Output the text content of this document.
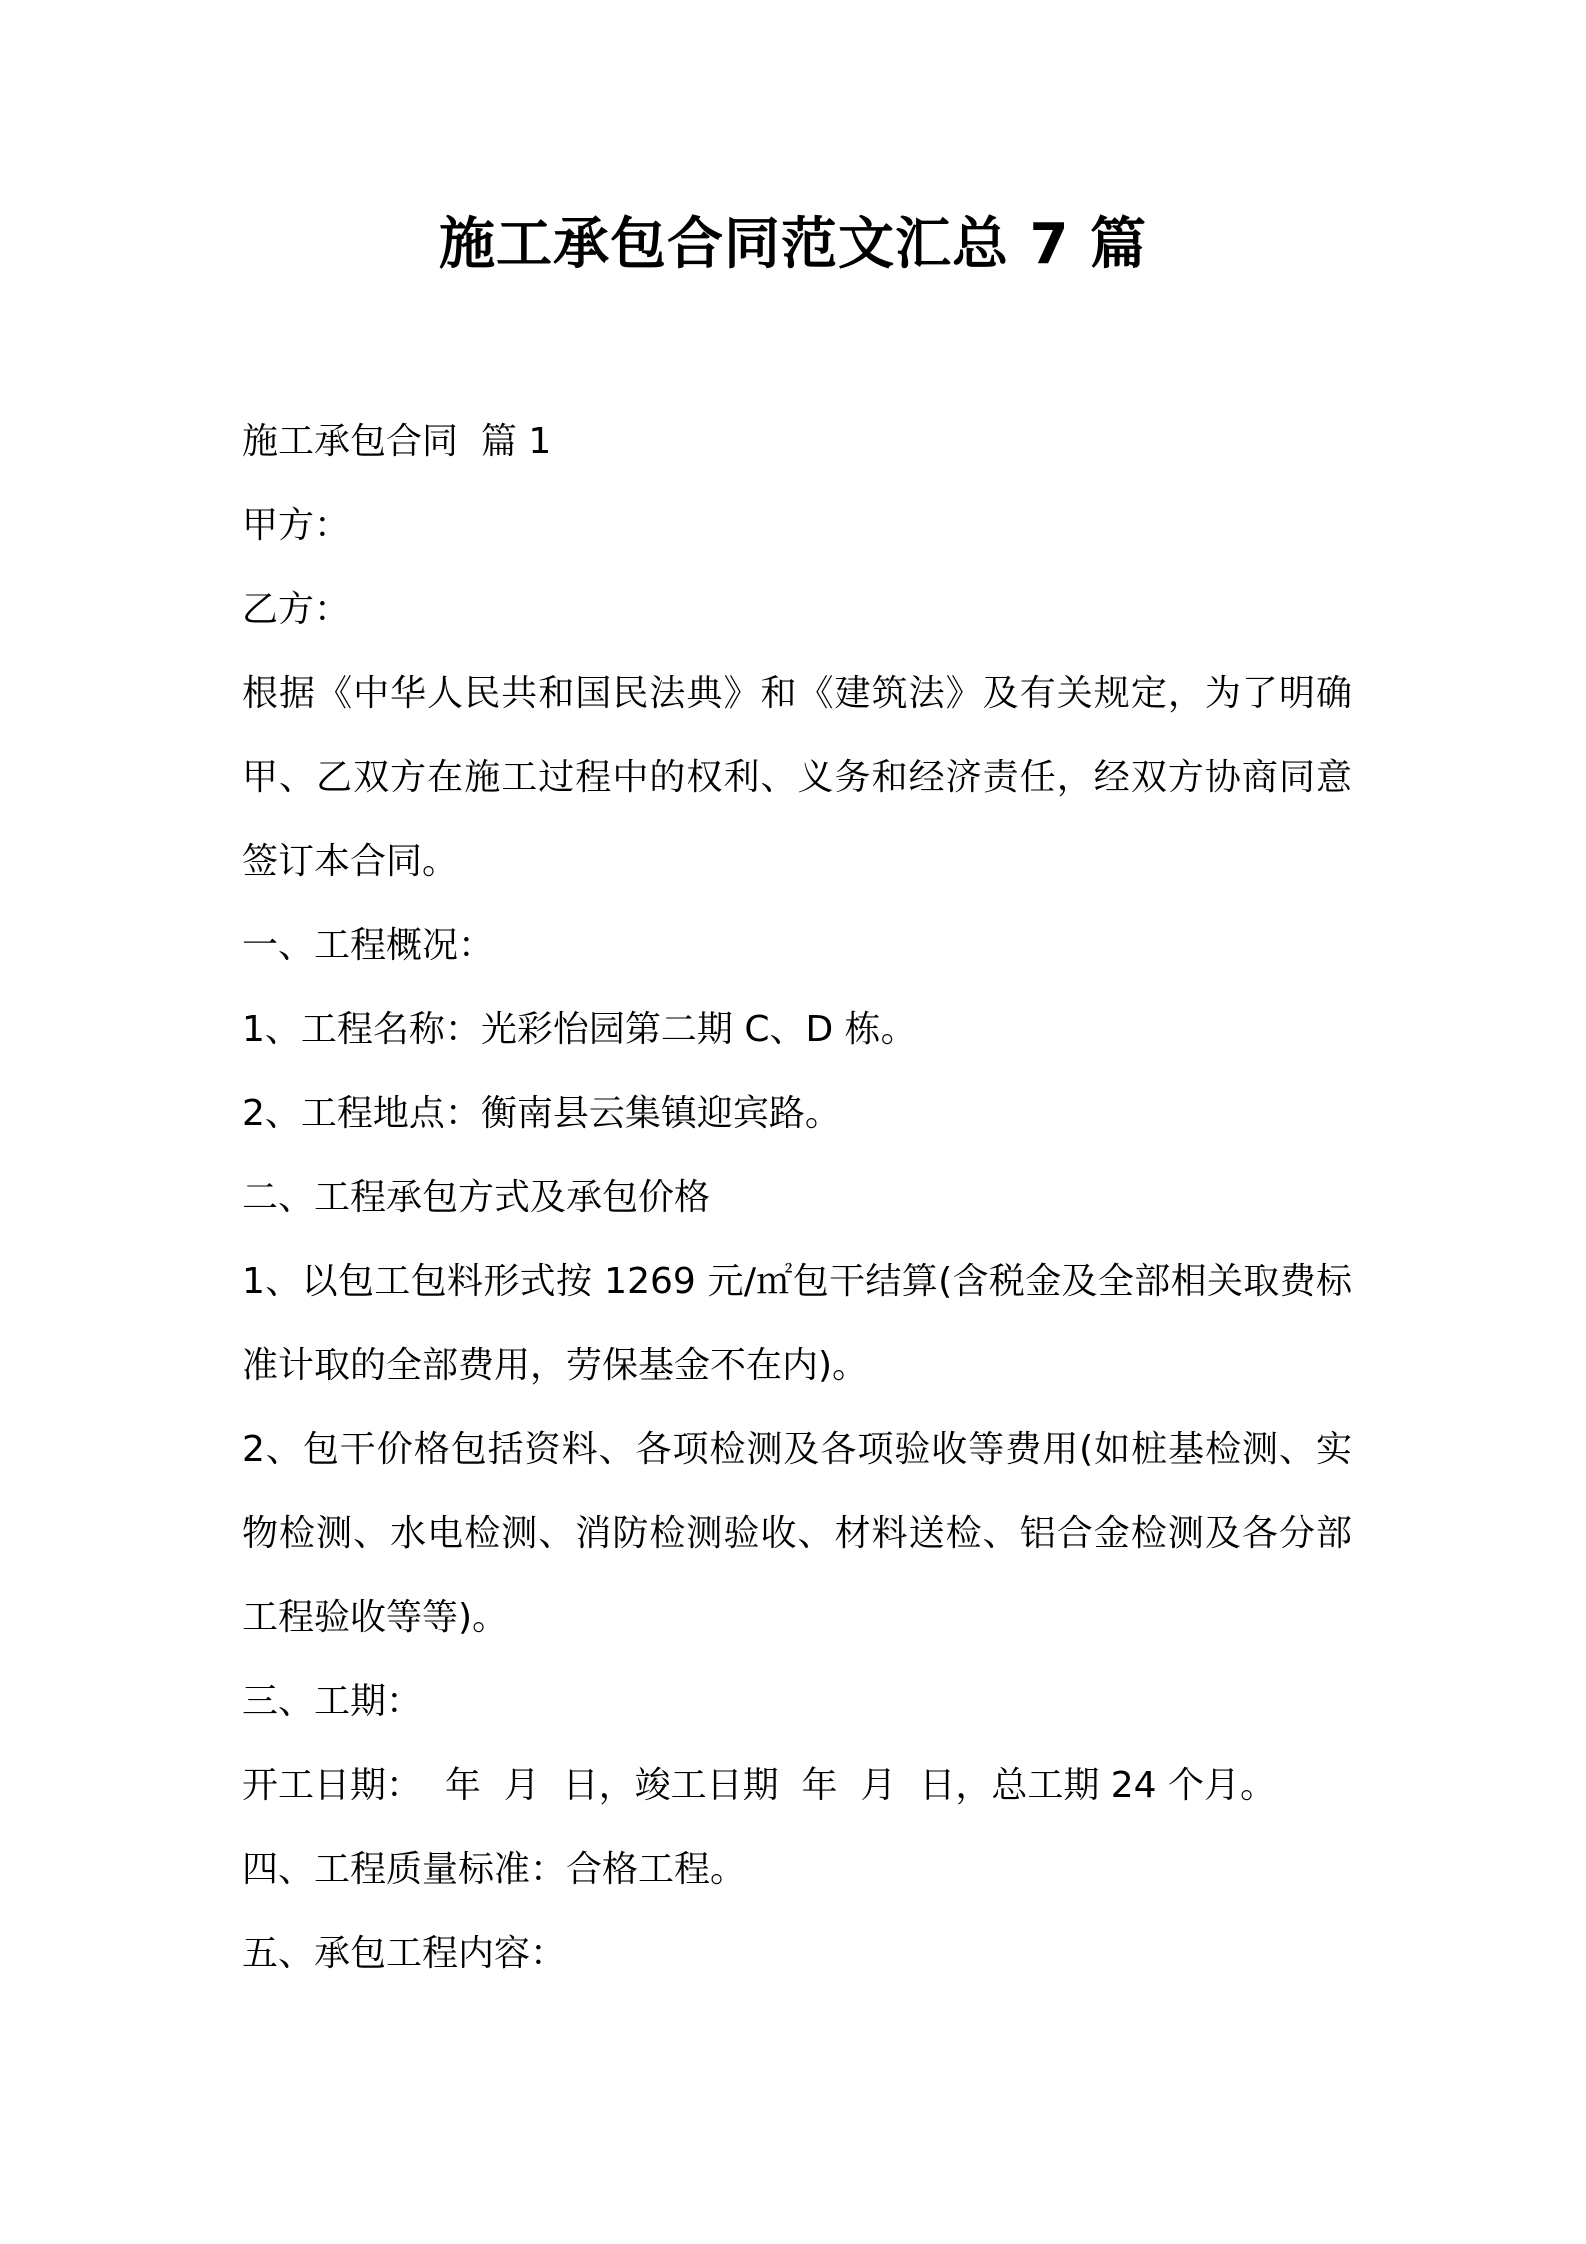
施工承包合同范文汇总 7 篇

施工承包合同  篇 1

甲方：

乙方：

根据《中华人民共和国民法典》和《建筑法》及有关规定，为了明确甲、乙双方在施工过程中的权利、义务和经济责任，经双方协商同意签订本合同。

一、工程概况：

1、工程名称：光彩怡园第二期 C、D 栋。

2、工程地点：衡南县云集镇迎宾路。

二、工程承包方式及承包价格

1、以包工包料形式按 1269 元/㎡包干结算(含税金及全部相关取费标准计取的全部费用，劳保基金不在内)。

2、包干价格包括资料、各项检测及各项验收等费用(如桩基检测、实物检测、水电检测、消防检测验收、材料送检、铝合金检测及各分部工程验收等等)。

三、工期：

开工日期：  年  月  日，竣工日期  年  月  日，总工期 24 个月。

四、工程质量标准：合格工程。

五、承包工程内容：
